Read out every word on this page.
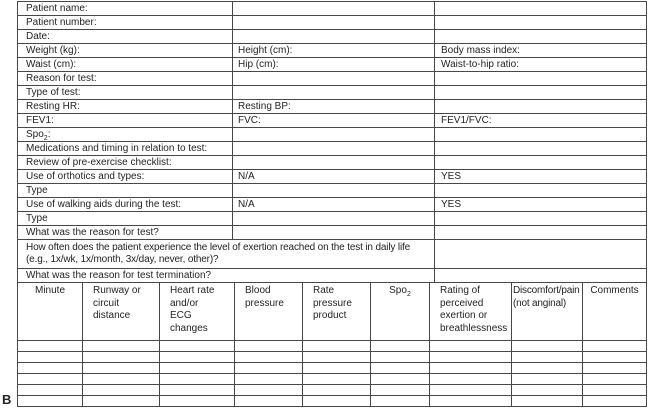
Patient name:		
Patient number:		
Date:		
Weight (kg):	Height (cm):	Body mass index:
Waist (cm):	Hip (cm):	Waist-to-hip ratio:
Reason for test:		
Type of test:		
Resting HR:	Resting BP:	
FEV1:	FVC:	FEV1/FVC:
Spo$_2$:		
Medications and timing in relation to test:		
Review of pre-exercise checklist:		
Use of orthotics and types:	N/A	YES
Type		
Use of walking aids during the test:	N/A	YES
Type		
What was the reason for test?		
How often does the patient experience the level of exertion reached on the test in daily life (e.g., 1x/wk, 1x/month, 3x/day, never, other)?		
What was the reason for test termination?		
Minute	Runway or circuit distance	Heart rate and/or ECG changes	Blood pressure	Rate pressure product	Spo$_2$	Rating of perceived exertion or breathlessness	Discomfort/pain (not anginal)	Comments

B
